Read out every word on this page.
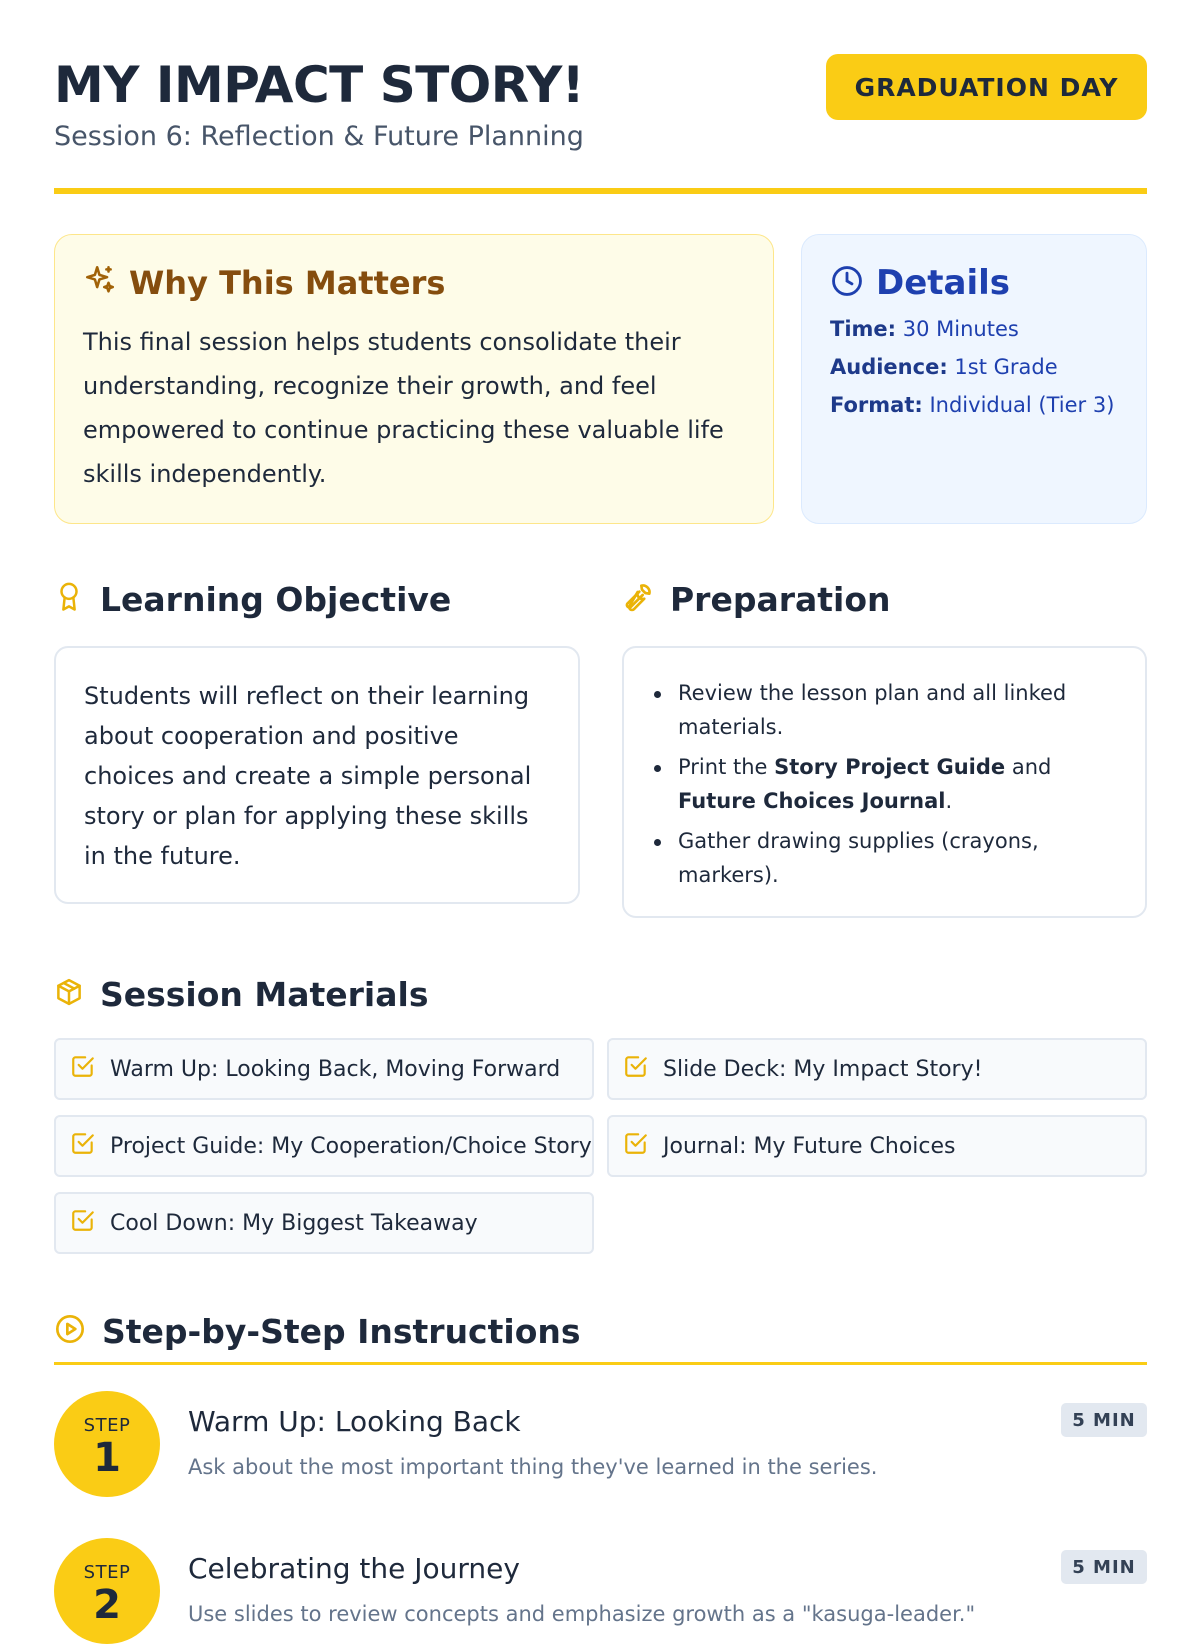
MY IMPACT STORY!
Session 6: Reflection & Future Planning
GRADUATION DAY
Why This Matters
This final session helps students consolidate their understanding, recognize their growth, and feel empowered to continue practicing these valuable life skills independently.
Details
Time: 30 Minutes
Audience: 1st Grade
Format: Individual (Tier 3)
Learning Objective
Students will reflect on their learning about cooperation and positive choices and create a simple personal story or plan for applying these skills in the future.
Preparation
Review the lesson plan and all linked materials.
Print the Story Project Guide and Future Choices Journal.
Gather drawing supplies (crayons, markers).
Session Materials
Warm Up: Looking Back, Moving Forward	Slide Deck: My Impact Story!
Project Guide: My Cooperation/Choice Story	Journal: My Future Choices
Cool Down: My Biggest Takeaway
Step-by-Step Instructions
STEP
1
Warm Up: Looking Back
Ask about the most important thing they've learned in the series.
5 MIN
STEP
2
Celebrating the Journey
Use slides to review concepts and emphasize growth as a "kasuga-leader."
5 MIN
